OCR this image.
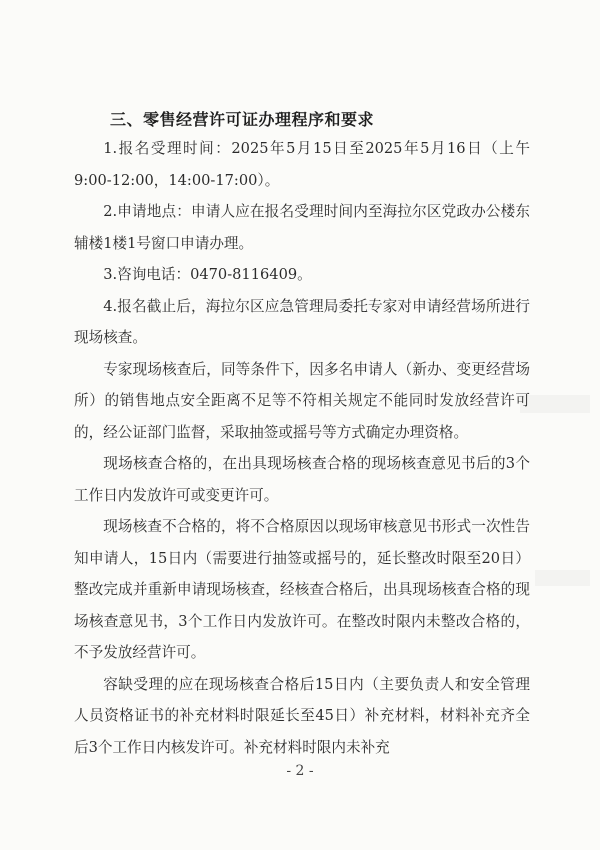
三、零售经营许可证办理程序和要求

1.报名受理时间：2025年5月15日至2025年5月16日（上午9:00-12:00，14:00-17:00）。

2.申请地点：申请人应在报名受理时间内至海拉尔区党政办公楼东辅楼1楼1号窗口申请办理。

3.咨询电话：0470-8116409。

4.报名截止后，海拉尔区应急管理局委托专家对申请经营场所进行现场核查。

专家现场核查后，同等条件下，因多名申请人（新办、变更经营场所）的销售地点安全距离不足等不符相关规定不能同时发放经营许可的，经公证部门监督，采取抽签或摇号等方式确定办理资格。

现场核查合格的，在出具现场核查合格的现场核查意见书后的3个工作日内发放许可或变更许可。

现场核查不合格的，将不合格原因以现场审核意见书形式一次性告知申请人，15日内（需要进行抽签或摇号的，延长整改时限至20日）整改完成并重新申请现场核查，经核查合格后，出具现场核查合格的现场核查意见书，3个工作日内发放许可。在整改时限内未整改合格的，不予发放经营许可。

容缺受理的应在现场核查合格后15日内（主要负责人和安全管理人员资格证书的补充材料时限延长至45日）补充材料，材料补充齐全后3个工作日内核发许可。补充材料时限内未补充

- 2 -
